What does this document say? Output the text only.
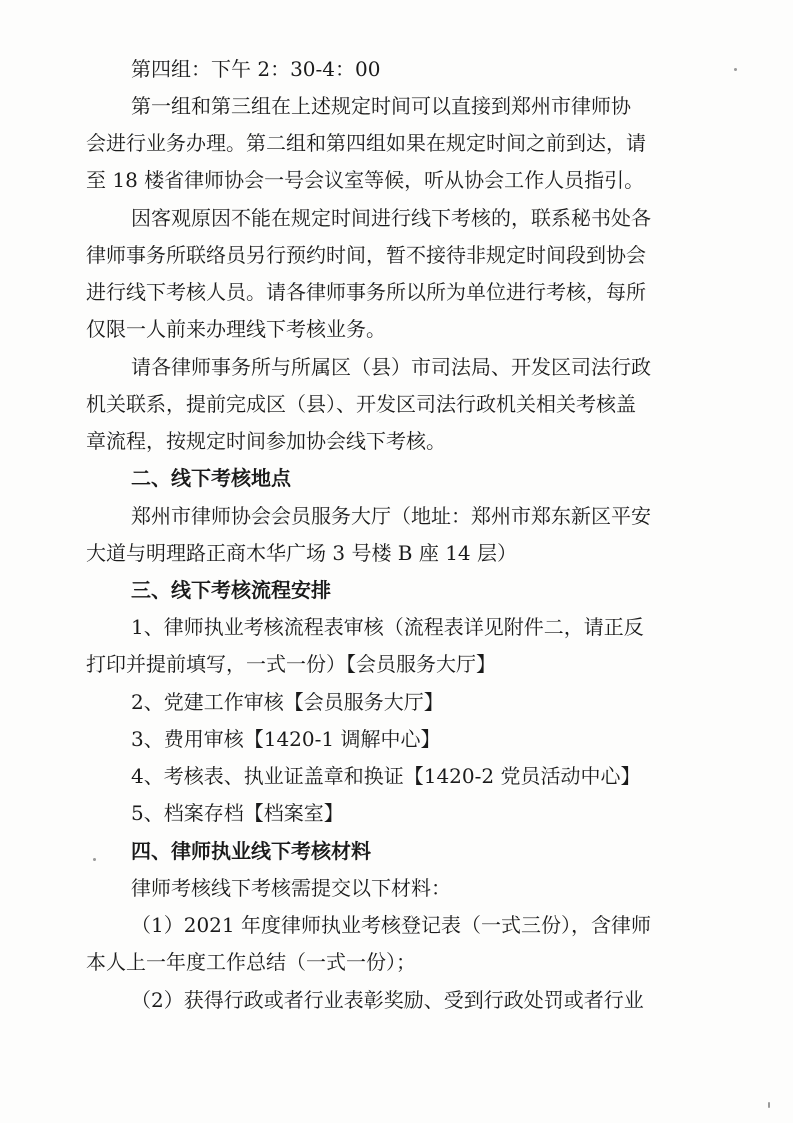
第四组：下午 2：30-4：00
第一组和第三组在上述规定时间可以直接到郑州市律师协
会进行业务办理。第二组和第四组如果在规定时间之前到达，请
至 18 楼省律师协会一号会议室等候，听从协会工作人员指引。
因客观原因不能在规定时间进行线下考核的，联系秘书处各
律师事务所联络员另行预约时间，暂不接待非规定时间段到协会
进行线下考核人员。请各律师事务所以所为单位进行考核，每所
仅限一人前来办理线下考核业务。
请各律师事务所与所属区（县）市司法局、开发区司法行政
机关联系，提前完成区（县）、开发区司法行政机关相关考核盖
章流程，按规定时间参加协会线下考核。
二、线下考核地点
郑州市律师协会会员服务大厅（地址：郑州市郑东新区平安
大道与明理路正商木华广场 3 号楼 B 座 14 层）
三、线下考核流程安排
1、律师执业考核流程表审核（流程表详见附件二，请正反
打印并提前填写，一式一份）【会员服务大厅】
2、党建工作审核【会员服务大厅】
3、费用审核【1420-1 调解中心】
4、考核表、执业证盖章和换证【1420-2 党员活动中心】
5、档案存档【档案室】
四、律师执业线下考核材料
律师考核线下考核需提交以下材料：
（1）2021 年度律师执业考核登记表（一式三份），含律师
本人上一年度工作总结（一式一份）；
（2）获得行政或者行业表彰奖励、受到行政处罚或者行业
